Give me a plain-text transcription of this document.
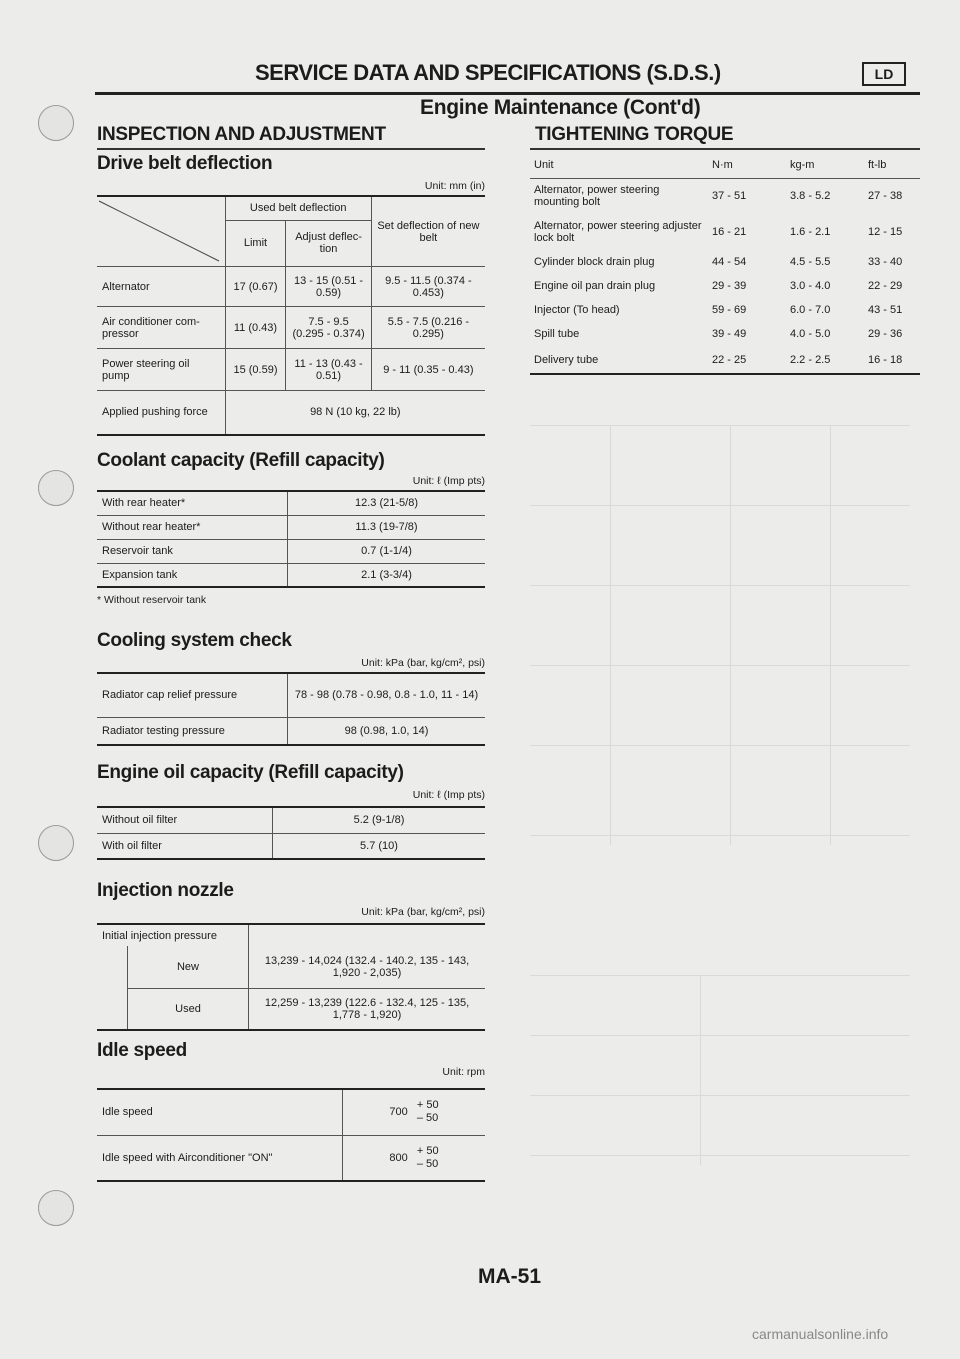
SERVICE DATA AND SPECIFICATIONS (S.D.S.)	LD
Engine Maintenance (Cont'd)
INSPECTION AND ADJUSTMENT	TIGHTENING TORQUE
Drive belt deflection
Unit: mm (in)
	Used belt deflection		Set deflection of new belt
	Limit	Adjust deflec-tion	
Alternator	17 (0.67)	13 - 15 (0.51 - 0.59)	9.5 - 11.5 (0.374 - 0.453)
Air conditioner com-pressor	11 (0.43)	7.5 - 9.5 (0.295 - 0.374)	5.5 - 7.5 (0.216 - 0.295)
Power steering oil pump	15 (0.59)	11 - 13 (0.43 - 0.51)	9 - 11 (0.35 - 0.43)
Applied pushing force	98 N (10 kg, 22 lb)		
Coolant capacity (Refill capacity)
Unit: ℓ (Imp pts)
With rear heater*	12.3 (21-5/8)
Without rear heater*	11.3 (19-7/8)
Reservoir tank	0.7 (1-1/4)
Expansion tank	2.1 (3-3/4)
* Without reservoir tank
Cooling system check
Unit: kPa (bar, kg/cm², psi)
Radiator cap relief pressure	78 - 98 (0.78 - 0.98, 0.8 - 1.0, 11 - 14)
Radiator testing pressure	98 (0.98, 1.0, 14)
Engine oil capacity (Refill capacity)
Unit: ℓ (Imp pts)
Without oil filter	5.2 (9-1/8)
With oil filter	5.7 (10)
Injection nozzle
Unit: kPa (bar, kg/cm², psi)
Initial injection pressure		
	New	13,239 - 14,024 (132.4 - 140.2, 135 - 143, 1,920 - 2,035)
	Used	12,259 - 13,239 (122.6 - 132.4, 125 - 135, 1,778 - 1,920)
Idle speed
Unit: rpm
Idle speed	700 + 50
– 50
Idle speed with Airconditioner "ON"	800 + 50
– 50
Unit	N·m	kg-m	ft-lb
Alternator, power steering mounting bolt	37 - 51	3.8 - 5.2	27 - 38
Alternator, power steering adjuster lock bolt	16 - 21	1.6 - 2.1	12 - 15
Cylinder block drain plug	44 - 54	4.5 - 5.5	33 - 40
Engine oil pan drain plug	29 - 39	3.0 - 4.0	22 - 29
Injector (To head)	59 - 69	6.0 - 7.0	43 - 51
Spill tube	39 - 49	4.0 - 5.0	29 - 36
Delivery tube	22 - 25	2.2 - 2.5	16 - 18
MA-51
carmanualsonline.info
